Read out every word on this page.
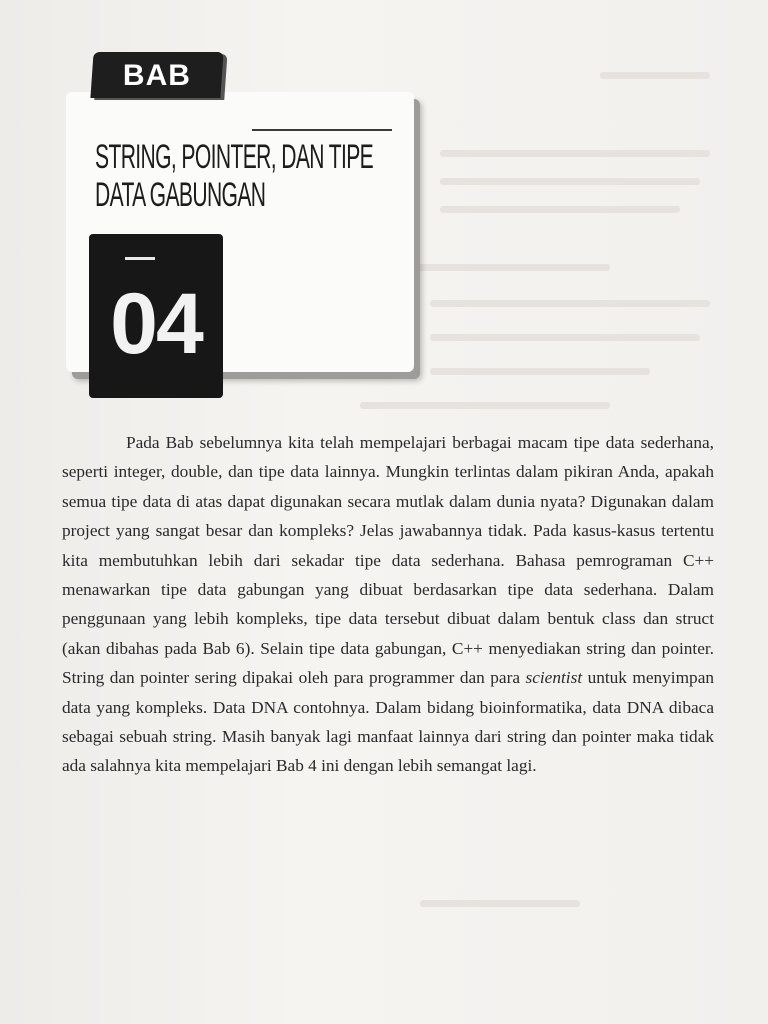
BAB
STRING, POINTER, DAN TIPE
DATA GABUNGAN
04

Pada Bab sebelumnya kita telah mempelajari berbagai macam tipe data sederhana, seperti integer, double, dan tipe data lainnya. Mungkin terlintas dalam pikiran Anda, apakah semua tipe data di atas dapat digunakan secara mutlak dalam dunia nyata? Digunakan dalam project yang sangat besar dan kompleks? Jelas jawabannya tidak. Pada kasus-kasus tertentu kita membutuhkan lebih dari sekadar tipe data sederhana. Bahasa pemrograman C++ menawarkan tipe data gabungan yang dibuat berdasarkan tipe data sederhana. Dalam penggunaan yang lebih kompleks, tipe data tersebut dibuat dalam bentuk class dan struct (akan dibahas pada Bab 6). Selain tipe data gabungan, C++ menyediakan string dan pointer. String dan pointer sering dipakai oleh para programmer dan para scientist untuk menyimpan data yang kompleks. Data DNA contohnya. Dalam bidang bioinformatika, data DNA dibaca sebagai sebuah string. Masih banyak lagi manfaat lainnya dari string dan pointer maka tidak ada salahnya kita mempelajari Bab 4 ini dengan lebih semangat lagi.
